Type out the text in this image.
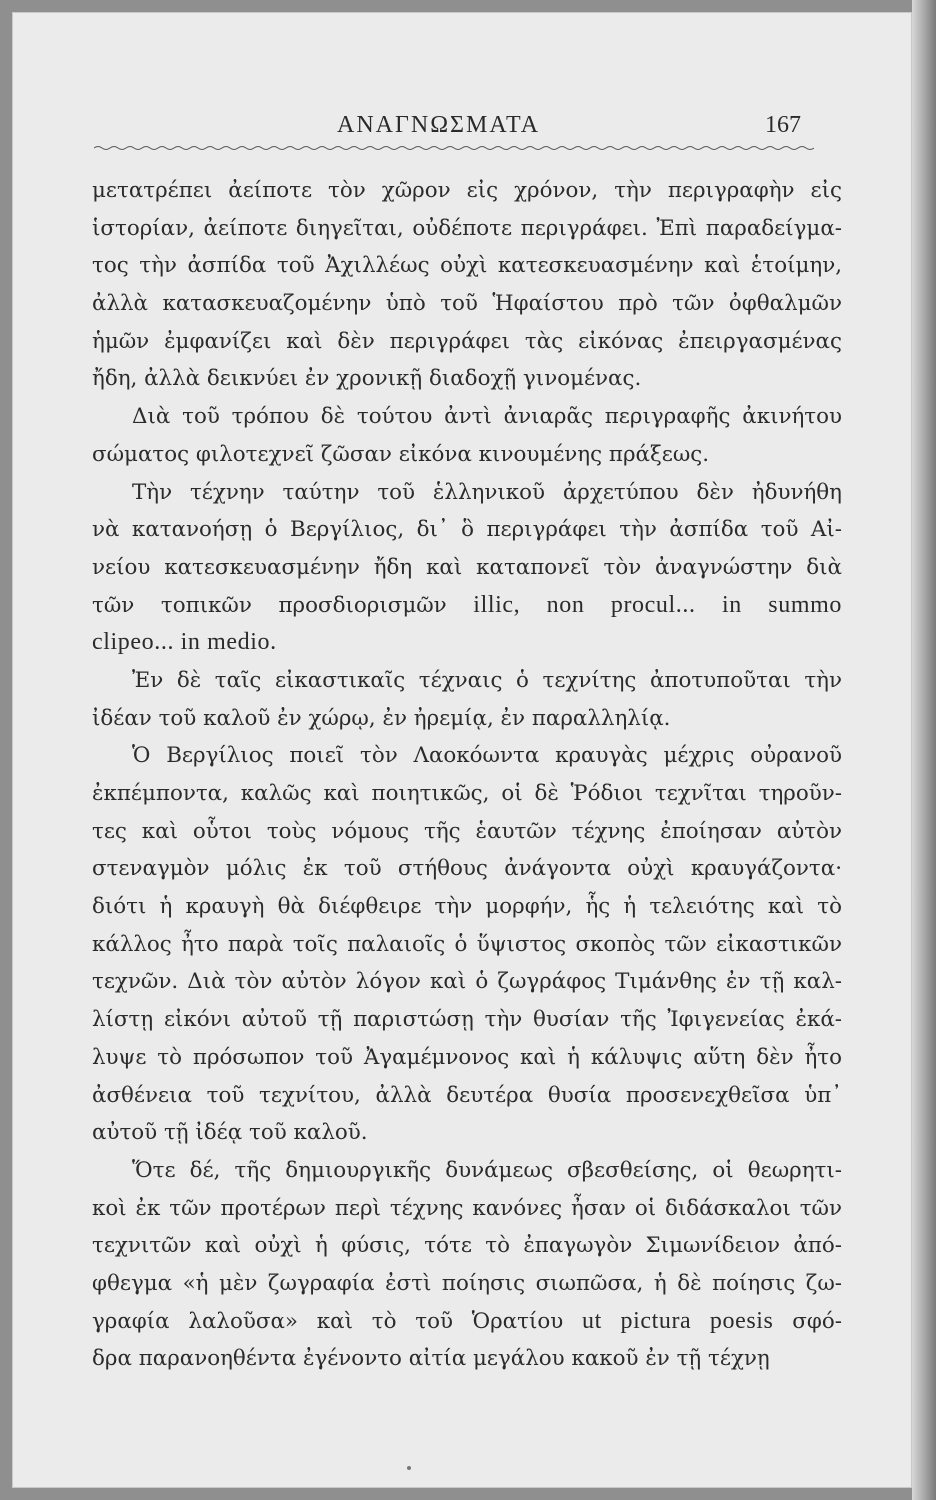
ΑΝΑΓΝΩΣΜΑΤΑ	167
μετατρέπει ἀείποτε τὸν χῶρον εἰς χρόνον, τὴν περιγραφὴν εἰς
ἱστορίαν, ἀείποτε διηγεῖται, οὐδέποτε περιγράφει. Ἐπὶ παραδείγμα-
τος τὴν ἀσπίδα τοῦ Ἀχιλλέως οὐχὶ κατεσκευασμένην καὶ ἑτοίμην,
ἀλλὰ κατασκευαζομένην ὑπὸ τοῦ Ἡφαίστου πρὸ τῶν ὀφθαλμῶν
ἡμῶν ἐμφανίζει καὶ δὲν περιγράφει τὰς εἰκόνας ἐπειργασμένας
ἤδη, ἀλλὰ δεικνύει ἐν χρονικῇ διαδοχῇ γινομένας.
Διὰ τοῦ τρόπου δὲ τούτου ἀντὶ ἀνιαρᾶς περιγραφῆς ἀκινήτου
σώματος φιλοτεχνεῖ ζῶσαν εἰκόνα κινουμένης πράξεως.
Τὴν τέχνην ταύτην τοῦ ἑλληνικοῦ ἀρχετύπου δὲν ἠδυνήθη
νὰ κατανοήσῃ ὁ Βεργίλιος, δι᾽ ὃ περιγράφει τὴν ἀσπίδα τοῦ Αἰ-
νείου κατεσκευασμένην ἤδη καὶ καταπονεῖ τὸν ἀναγνώστην διὰ
τῶν τοπικῶν προσδιορισμῶν illic, non procul... in summo
clipeo... in medio.
Ἐν δὲ ταῖς εἰκαστικαῖς τέχναις ὁ τεχνίτης ἀποτυποῦται τὴν
ἰδέαν τοῦ καλοῦ ἐν χώρῳ, ἐν ἠρεμίᾳ, ἐν παραλληλίᾳ.
Ὁ Βεργίλιος ποιεῖ τὸν Λαοκόωντα κραυγὰς μέχρις οὐρανοῦ
ἐκπέμποντα, καλῶς καὶ ποιητικῶς, οἱ δὲ Ῥόδιοι τεχνῖται τηροῦν-
τες καὶ οὗτοι τοὺς νόμους τῆς ἑαυτῶν τέχνης ἐποίησαν αὐτὸν
στεναγμὸν μόλις ἐκ τοῦ στήθους ἀνάγοντα οὐχὶ κραυγάζοντα·
διότι ἡ κραυγὴ θὰ διέφθειρε τὴν μορφήν, ἧς ἡ τελειότης καὶ τὸ
κάλλος ἦτο παρὰ τοῖς παλαιοῖς ὁ ὕψιστος σκοπὸς τῶν εἰκαστικῶν
τεχνῶν. Διὰ τὸν αὐτὸν λόγον καὶ ὁ ζωγράφος Τιμάνθης ἐν τῇ καλ-
λίστῃ εἰκόνι αὐτοῦ τῇ παριστώσῃ τὴν θυσίαν τῆς Ἰφιγενείας ἐκά-
λυψε τὸ πρόσωπον τοῦ Ἀγαμέμνονος καὶ ἡ κάλυψις αὕτη δὲν ἦτο
ἀσθένεια τοῦ τεχνίτου, ἀλλὰ δευτέρα θυσία προσενεχθεῖσα ὑπ᾽
αὐτοῦ τῇ ἰδέᾳ τοῦ καλοῦ.
Ὅτε δέ, τῆς δημιουργικῆς δυνάμεως σβεσθείσης, οἱ θεωρητι-
κοὶ ἐκ τῶν προτέρων περὶ τέχνης κανόνες ἦσαν οἱ διδάσκαλοι τῶν
τεχνιτῶν καὶ οὐχὶ ἡ φύσις, τότε τὸ ἐπαγωγὸν Σιμωνίδειον ἀπό-
φθεγμα «ἡ μὲν ζωγραφία ἐστὶ ποίησις σιωπῶσα, ἡ δὲ ποίησις ζω-
γραφία λαλοῦσα» καὶ τὸ τοῦ Ὁρατίου ut pictura poesis σφό-
δρα παρανοηθέντα ἐγένοντο αἰτία μεγάλου κακοῦ ἐν τῇ τέχνῃ
